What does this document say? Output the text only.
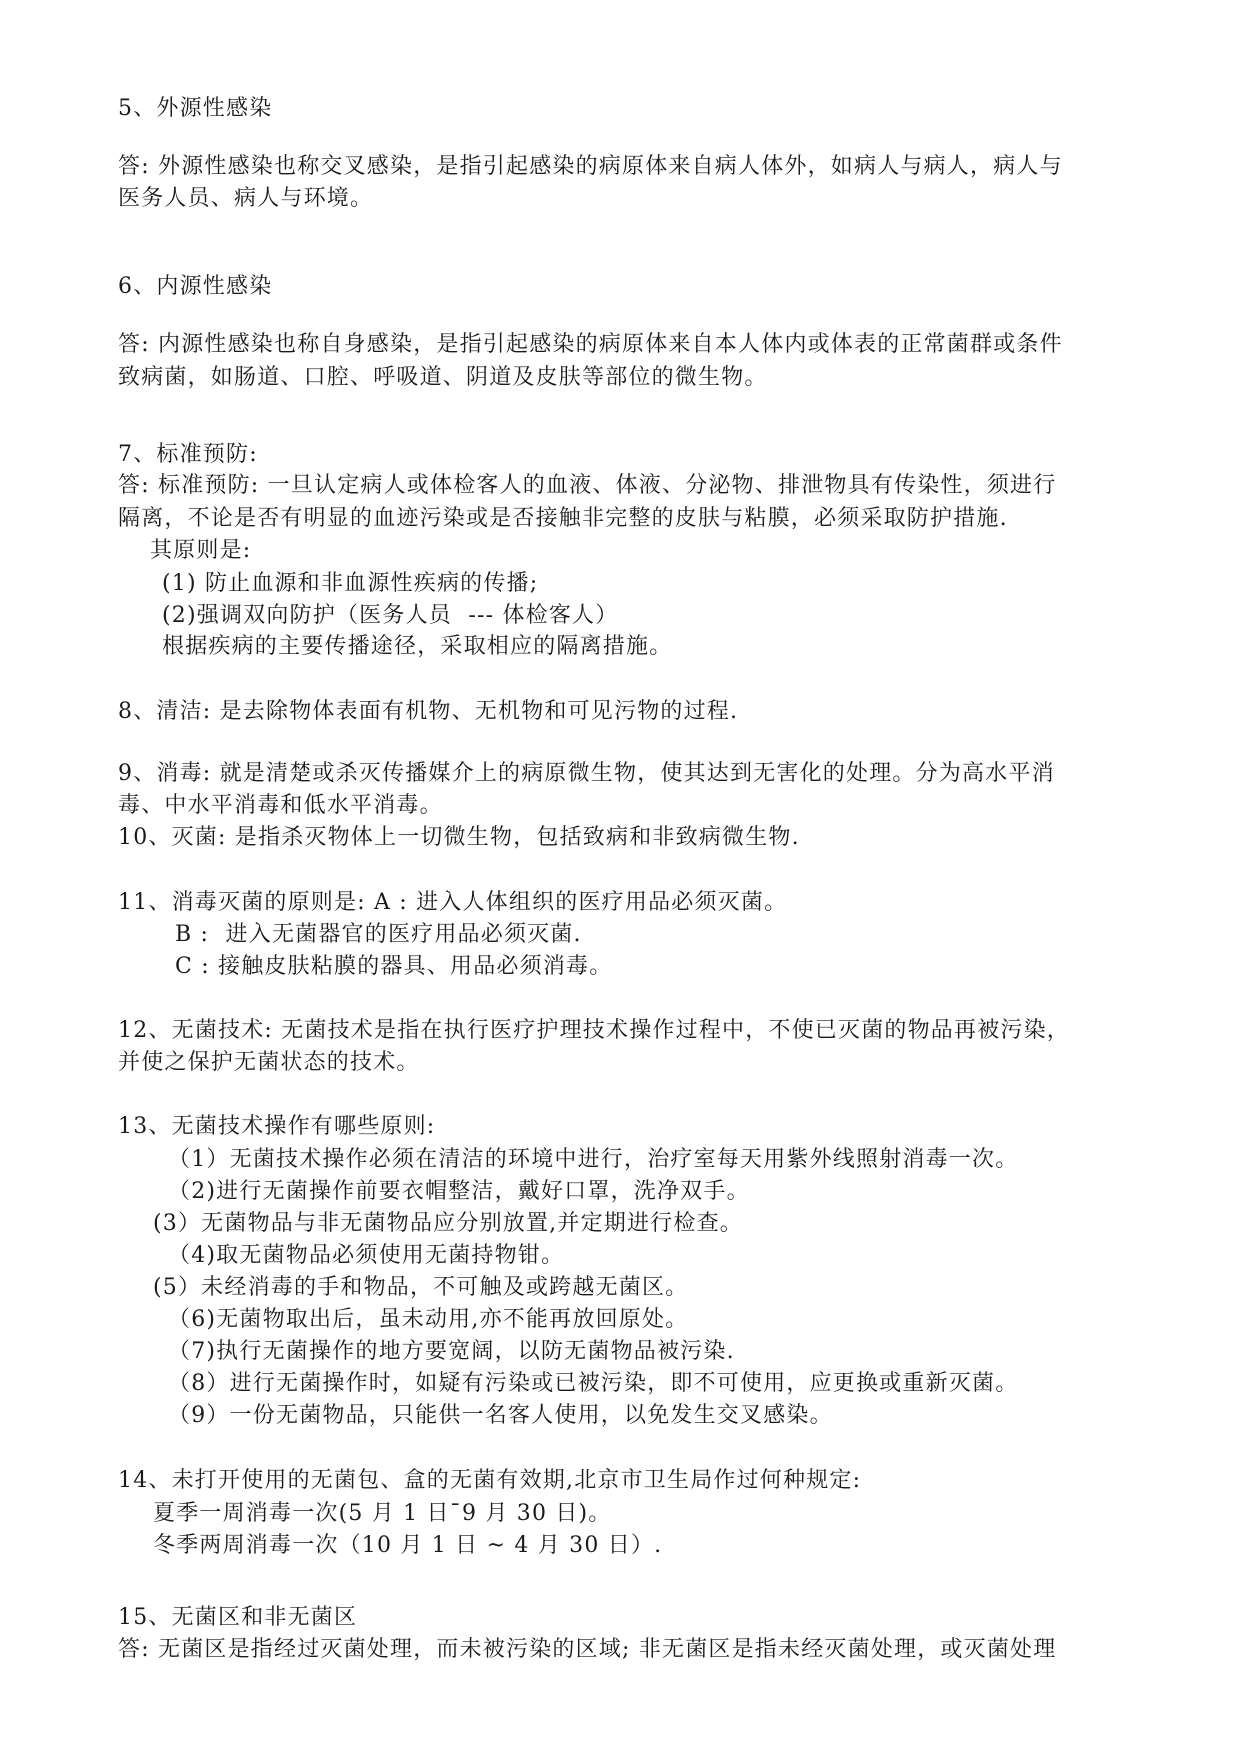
5、外源性感染
答: 外源性感染也称交叉感染，是指引起感染的病原体来自病人体外，如病人与病人，病人与
医务人员、病人与环境。
6、内源性感染
答: 内源性感染也称自身感染，是指引起感染的病原体来自本人体内或体表的正常菌群或条件
致病菌，如肠道、口腔、呼吸道、阴道及皮肤等部位的微生物。
7、标准预防:
答: 标准预防: 一旦认定病人或体检客人的血液、体液、分泌物、排泄物具有传染性，须进行
隔离，不论是否有明显的血迹污染或是否接触非完整的皮肤与粘膜，必须采取防护措施.
其原则是:
(1) 防止血源和非血源性疾病的传播;
(2)强调双向防护（医务人员  --- 体检客人）
根据疾病的主要传播途径，采取相应的隔离措施。
8、清洁: 是去除物体表面有机物、无机物和可见污物的过程.
9、消毒: 就是清楚或杀灭传播媒介上的病原微生物，使其达到无害化的处理。分为高水平消
毒、中水平消毒和低水平消毒。
10、灭菌: 是指杀灭物体上一切微生物，包括致病和非致病微生物.
11、消毒灭菌的原则是: A : 进入人体组织的医疗用品必须灭菌。
B :  进入无菌器官的医疗用品必须灭菌.
C : 接触皮肤粘膜的器具、用品必须消毒。
12、无菌技术: 无菌技术是指在执行医疗护理技术操作过程中，不使已灭菌的物品再被污染，
并使之保护无菌状态的技术。
13、无菌技术操作有哪些原则:
（1）无菌技术操作必须在清洁的环境中进行，治疗室每天用紫外线照射消毒一次。
（2)进行无菌操作前要衣帽整洁，戴好口罩，洗净双手。
(3）无菌物品与非无菌物品应分别放置,并定期进行检查。
（4)取无菌物品必须使用无菌持物钳。
(5）未经消毒的手和物品，不可触及或跨越无菌区。
（6)无菌物取出后，虽未动用,亦不能再放回原处。
（7)执行无菌操作的地方要宽阔，以防无菌物品被污染.
（8）进行无菌操作时，如疑有污染或已被污染，即不可使用，应更换或重新灭菌。
（9）一份无菌物品，只能供一名客人使用，以免发生交叉感染。
14、未打开使用的无菌包、盒的无菌有效期,北京市卫生局作过何种规定:
夏季一周消毒一次(5 月 1 日¯9 月 30 日)。
冬季两周消毒一次（10 月 1 日 ~ 4 月 30 日）.
15、无菌区和非无菌区
答: 无菌区是指经过灭菌处理，而未被污染的区域; 非无菌区是指未经灭菌处理，或灭菌处理
